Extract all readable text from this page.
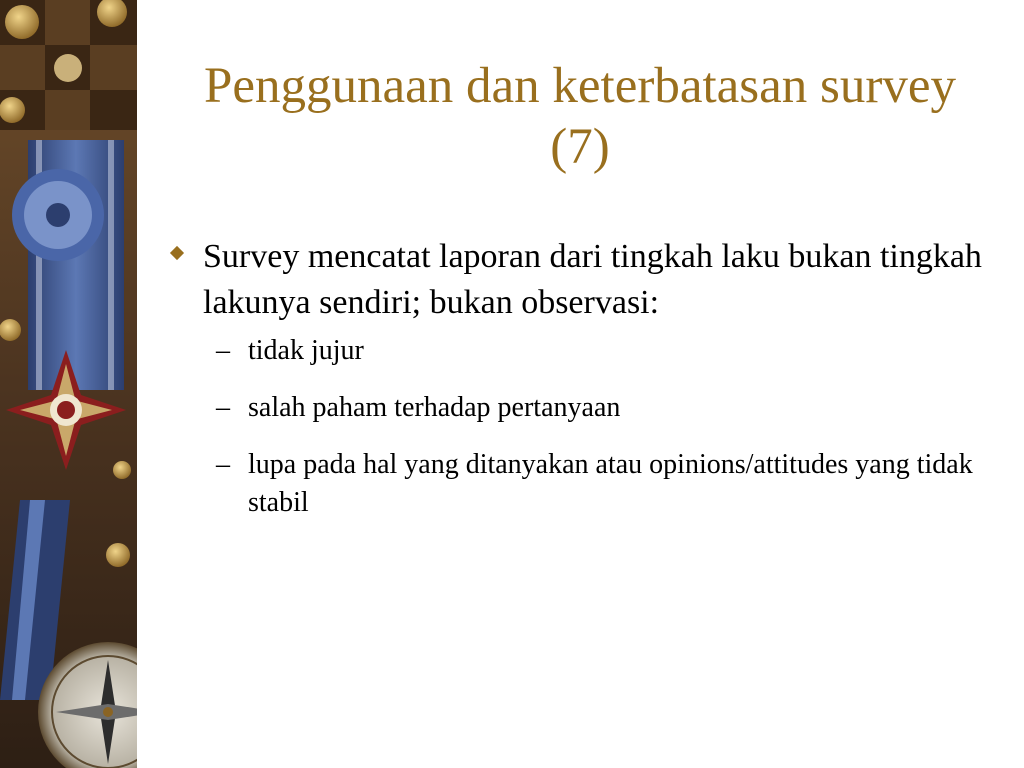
Penggunaan dan keterbatasan survey (7)
Survey mencatat laporan dari tingkah laku bukan tingkah lakunya sendiri; bukan observasi:
– tidak jujur
– salah paham terhadap pertanyaan
– lupa pada hal yang ditanyakan atau opinions/attitudes yang tidak stabil
